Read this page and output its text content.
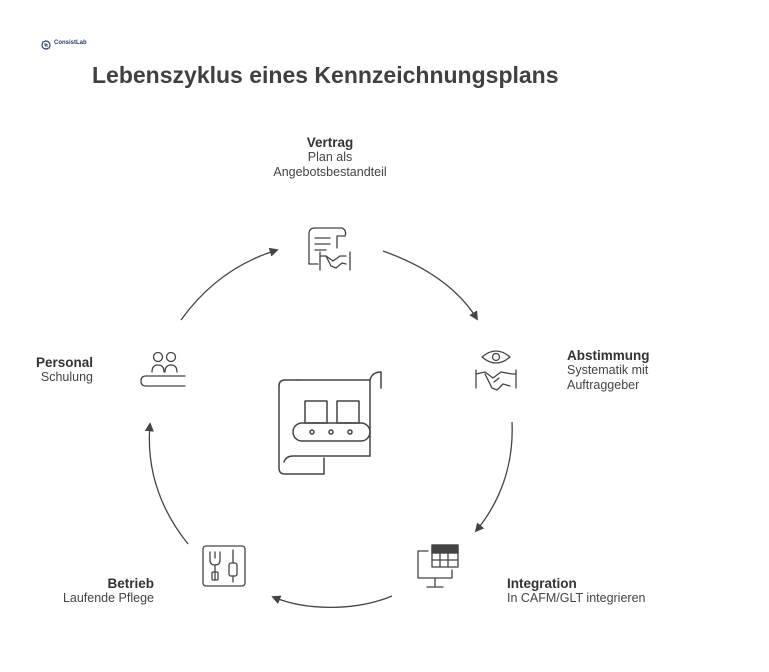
ConsistLab
Lebenszyklus eines Kennzeichnungsplans
Vertrag
Plan als
Angebotsbestandteil
Abstimmung
Systematik mit
Auftraggeber
Integration
In CAFM/GLT integrieren
Betrieb
Laufende Pflege
Personal
Schulung
